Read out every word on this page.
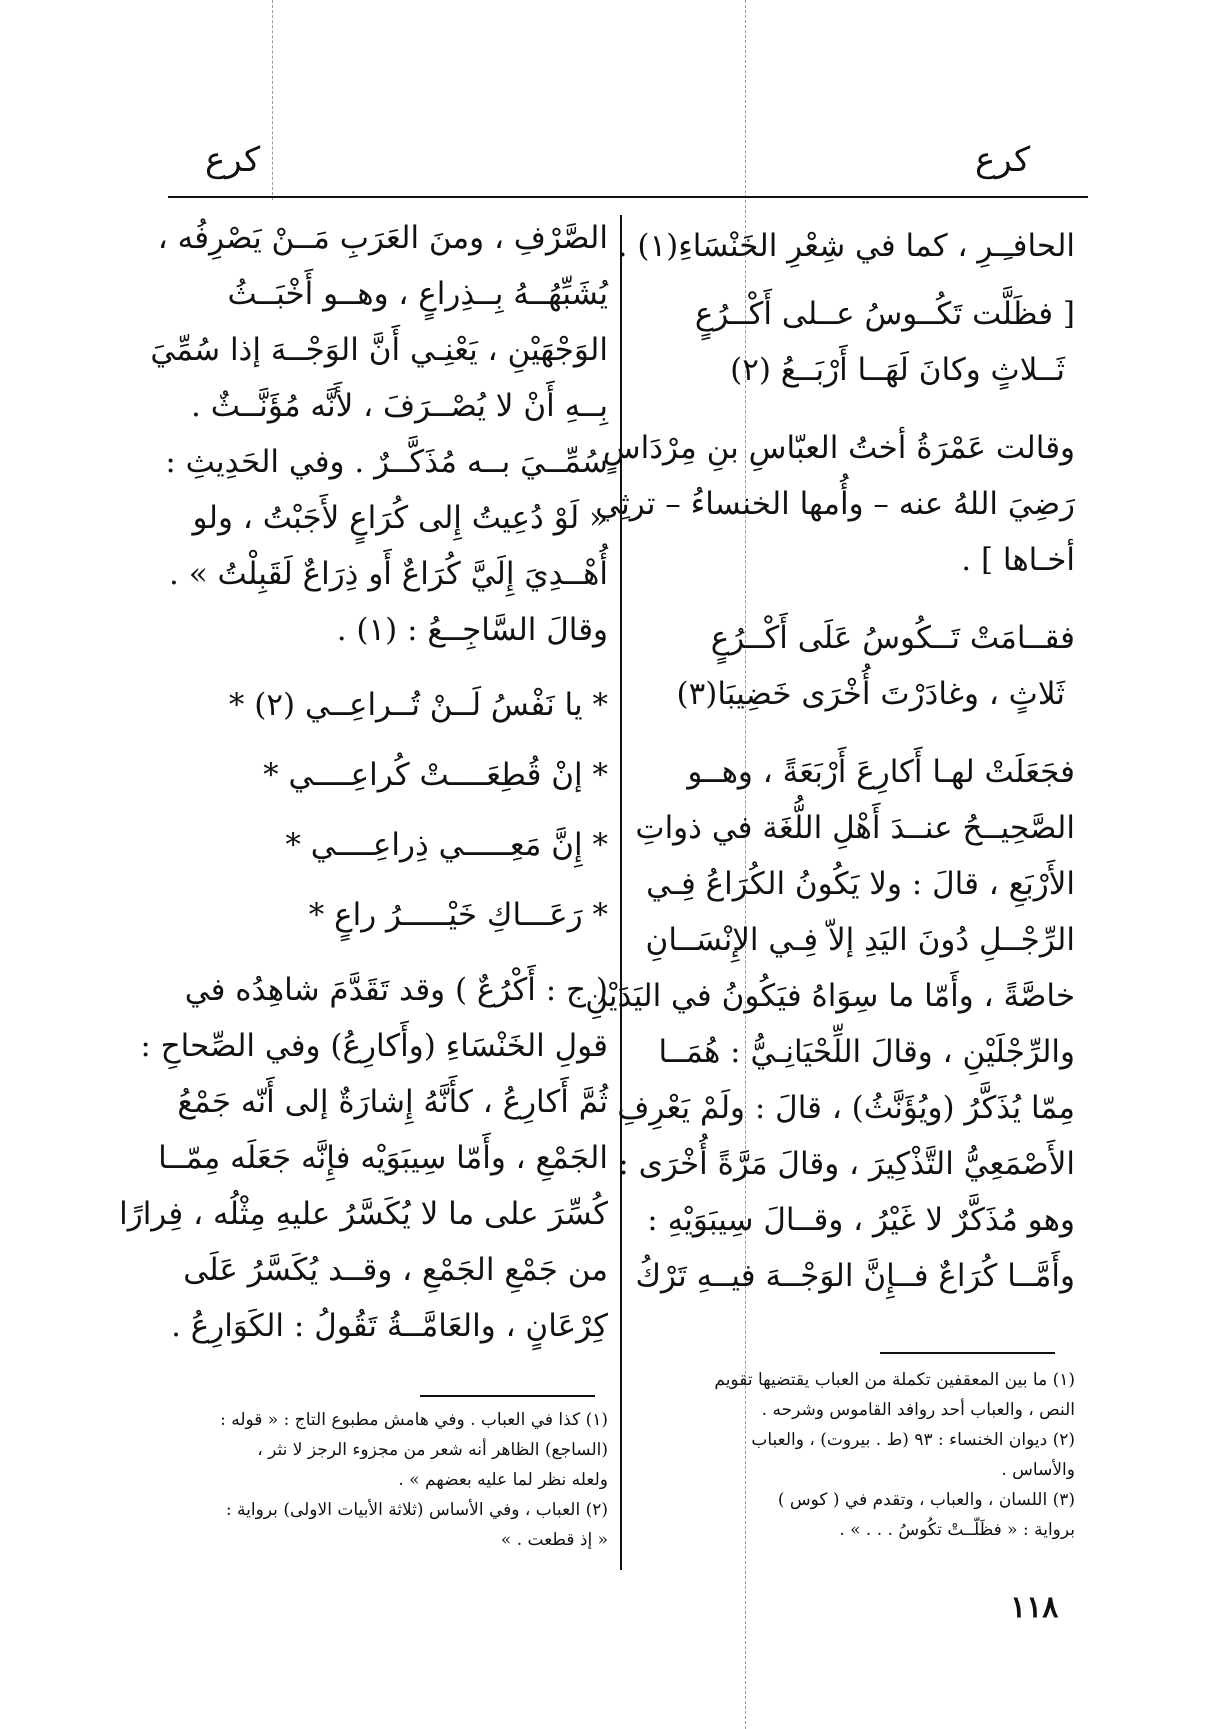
كرع	كرع
الحافـِـرِ ، كما في شِعْرِ الخَنْسَاءِ(١) .
[ فظَلَّت تَكُــوسُ عــلى أَكْــرُعٍ
ثَــلاثٍ وكانَ لَهَــا أَرْبَــعُ (٢)
وقالت عَمْرَةُ أختُ العبّاسِ بنِ مِرْدَاسٍ
رَضِيَ اللهُ عنه – وأُمها الخنساءُ – ترثِي
أخـاها ] .
فقــامَتْ تَــكُوسُ عَلَى أَكْــرُعٍ
ثَلاثٍ ، وغادَرْتَ أُخْرَى خَضِيبَا(٣)
فجَعَلَتْ لهـا أَكارِعَ أَرْبَعَةً ، وهــو
الصَّحِيــحُ عنــدَ أَهْلِ اللُّغَة في ذواتِ
الأَرْبَعِ ، قالَ : ولا يَكُونُ الكُرَاعُ فِـي
الرِّجْــلِ دُونَ اليَدِ إلاّ فِـي الإِنْسَــانِ
خاصَّةً ، وأَمّا ما سِوَاهُ فيَكُونُ في اليَدَيْنِ
والرِّجْلَيْنِ ، وقالَ اللِّحْيَانِـيُّ : هُمَــا
مِمّا يُذَكَّرُ (ويُؤَنَّثُ) ، قالَ : ولَمْ يَعْرِفِ
الأَصْمَعِيُّ التَّذْكِيرَ ، وقالَ مَرَّةً أُخْرَى :
وهو مُذَكَّرٌ لا غَيْرُ ، وقــالَ سِيبَوَيْهِ :
وأَمَّــا كُرَاعٌ فــإِنَّ الوَجْــهَ فيــهِ تَرْكُ
الصَّرْفِ ، ومنَ العَرَبِ مَــنْ يَصْرِفُه ،
يُشَبِّهُــهُ بِــذِراعٍ ، وهــو أَخْبَــثُ
الوَجْهَيْنِ ، يَعْنِـي أَنَّ الوَجْــهَ إذا سُمِّيَ
بِــهِ أَنْ لا يُصْــرَفَ ، لأَنَّه مُؤَنَّــثٌ .
سُمِّــيَ بــه مُذَكَّــرٌ . وفي الحَدِيثِ :
« لَوْ دُعِيتُ إِلى كُرَاعٍ لأَجَبْتُ ، ولو
أُهْــدِيَ إِلَيَّ كُرَاعٌ أَو ذِرَاعٌ لَقَبِلْتُ » .
وقالَ السَّاجِــعُ : (١) .
* يا نَفْسُ لَــنْ تُــراعِــي (٢) *
* إنْ قُطِعَــــتْ كُراعِــــي *
* إِنَّ مَعِـــــي ذِراعِــــي *
* رَعَـــاكِ خَيْـــــرُ راعٍ *
( ج : أَكْرُعٌ ) وقد تَقَدَّمَ شاهِدُه في
قولِ الخَنْسَاءِ (وأَكارِعُ) وفي الصِّحاحِ :
ثُمَّ أَكارِعُ ، كأَنَّهُ إِشارَةٌ إلى أَنّه جَمْعُ
الجَمْعِ ، وأَمّا سِيبَوَيْه فإِنَّه جَعَلَه مِمّــا
كُسِّرَ على ما لا يُكَسَّرُ عليهِ مِثْلُه ، فِرارًا
من جَمْعِ الجَمْعِ ، وقــد يُكَسَّرُ عَلَى
كِرْعَانٍ ، والعَامَّــةُ تَقُولُ : الكَوَارِعُ .
(١) ما بين المعقفين تكملة من العباب يقتضيها تقويم
النص ، والعباب أحد روافد القاموس وشرحه .
(٢) ديوان الخنساء : ٩٣ (ط . بيروت) ، والعباب
والأساس .
(٣) اللسان ، والعباب ، وتقدم في ( كوس )
برواية : « فظَلّــتْ تكُوسُ . . . » .
(١) كذا في العباب . وفي هامش مطبوع التاج : « قوله :
(الساجع) الظاهر أنه شعر من مجزوء الرجز لا نثر ،
ولعله نظر لما عليه بعضهم » .
(٢) العباب ، وفي الأساس (ثلاثة الأبيات الاولى) برواية :
« إذ قطعت . »
١١٨
